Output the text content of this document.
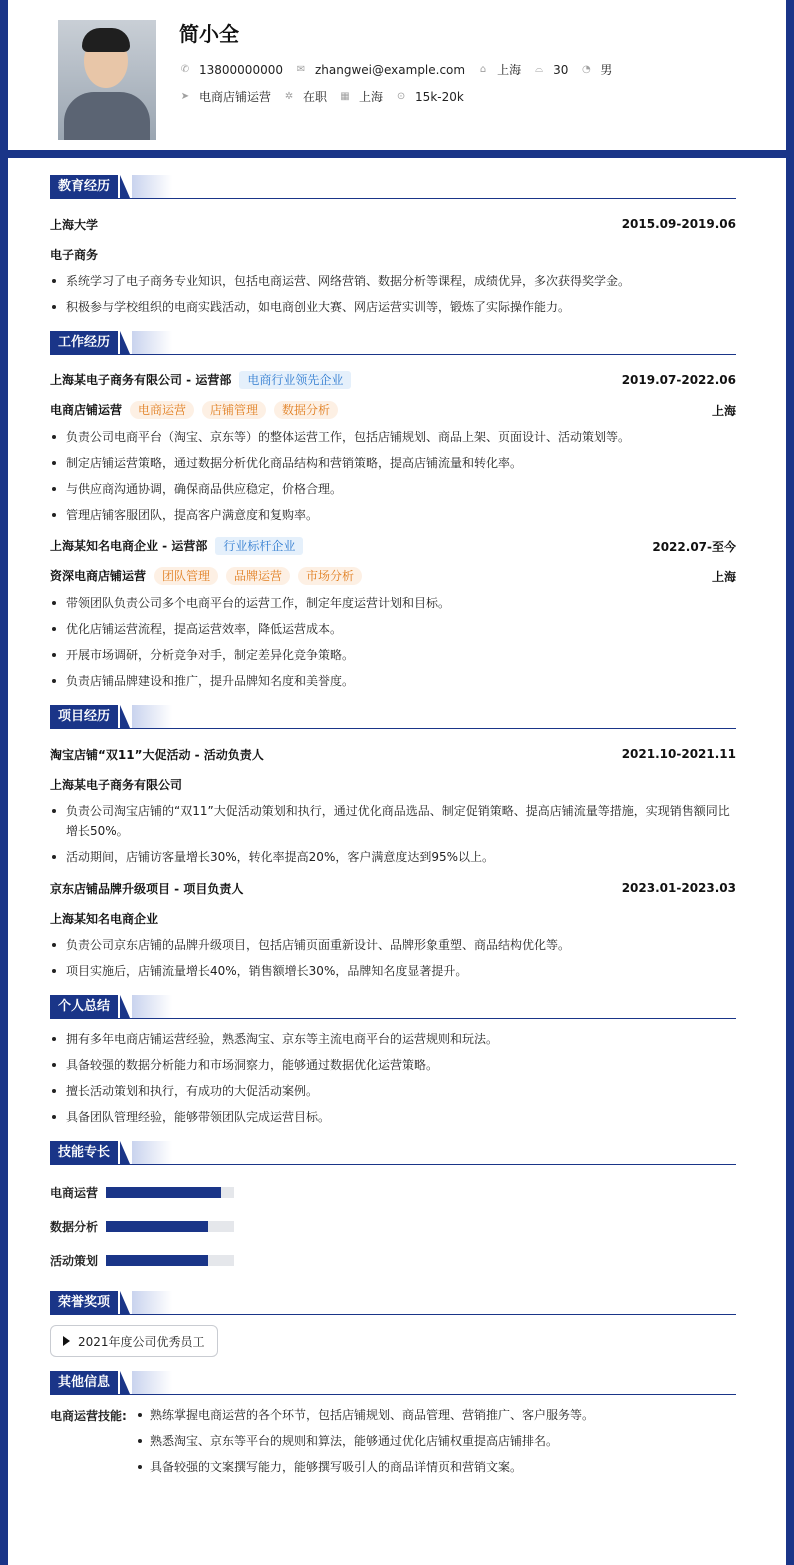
简小全
✆ 13800000000 ✉ zhangwei@example.com ⌂ 上海 ⌓ 30 ◔ 男
➤ 电商店铺运营 ✲ 在职 ▦ 上海 ⊙ 15k-20k
教育经历
上海大学	2015.09-2019.06
电子商务
系统学习了电子商务专业知识，包括电商运营、网络营销、数据分析等课程，成绩优异，多次获得奖学金。
积极参与学校组织的电商实践活动，如电商创业大赛、网店运营实训等，锻炼了实际操作能力。
工作经历
上海某电子商务有限公司 - 运营部 电商行业领先企业	2019.07-2022.06
电商店铺运营 电商运营 店铺管理 数据分析	上海
负责公司电商平台（淘宝、京东等）的整体运营工作，包括店铺规划、商品上架、页面设计、活动策划等。
制定店铺运营策略，通过数据分析优化商品结构和营销策略，提高店铺流量和转化率。
与供应商沟通协调，确保商品供应稳定，价格合理。
管理店铺客服团队，提高客户满意度和复购率。
上海某知名电商企业 - 运营部 行业标杆企业	2022.07-至今
资深电商店铺运营 团队管理 品牌运营 市场分析	上海
带领团队负责公司多个电商平台的运营工作，制定年度运营计划和目标。
优化店铺运营流程，提高运营效率，降低运营成本。
开展市场调研，分析竞争对手，制定差异化竞争策略。
负责店铺品牌建设和推广，提升品牌知名度和美誉度。
项目经历
淘宝店铺“双11”大促活动 - 活动负责人	2021.10-2021.11
上海某电子商务有限公司
负责公司淘宝店铺的“双11”大促活动策划和执行，通过优化商品选品、制定促销策略、提高店铺流量等措施，实现销售额同比增长50%。
活动期间，店铺访客量增长30%，转化率提高20%，客户满意度达到95%以上。
京东店铺品牌升级项目 - 项目负责人	2023.01-2023.03
上海某知名电商企业
负责公司京东店铺的品牌升级项目，包括店铺页面重新设计、品牌形象重塑、商品结构优化等。
项目实施后，店铺流量增长40%，销售额增长30%，品牌知名度显著提升。
个人总结
拥有多年电商店铺运营经验，熟悉淘宝、京东等主流电商平台的运营规则和玩法。
具备较强的数据分析能力和市场洞察力，能够通过数据优化运营策略。
擅长活动策划和执行，有成功的大促活动案例。
具备团队管理经验，能够带领团队完成运营目标。
技能专长
电商运营
数据分析
活动策划
荣誉奖项
2021年度公司优秀员工
其他信息
电商运营技能:	熟练掌握电商运营的各个环节，包括店铺规划、商品管理、营销推广、客户服务等。
熟悉淘宝、京东等平台的规则和算法，能够通过优化店铺权重提高店铺排名。
具备较强的文案撰写能力，能够撰写吸引人的商品详情页和营销文案。
